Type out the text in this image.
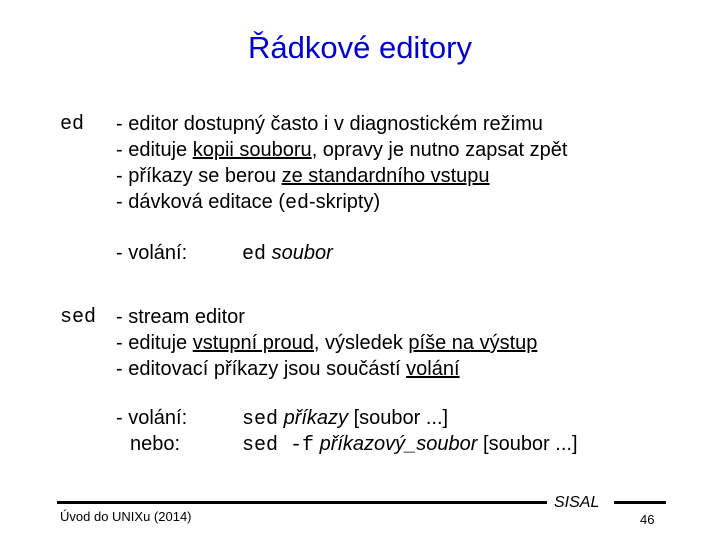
Řádkové editory
ed - editor dostupný často i v diagnostickém režimu
- edituje kopii souboru, opravy je nutno zapsat zpět
- příkazy se berou ze standardního vstupu
- dávková editace (ed-skripty)
- volání:	ed soubor
sed - stream editor
- edituje vstupní proud, výsledek píše na výstup
- editovací příkazy jsou součástí volání
- volání:	sed příkazy [soubor ...]
nebo:	sed -f příkazový_soubor [soubor ...]
Úvod do UNIXu (2014)
SISAL
46
